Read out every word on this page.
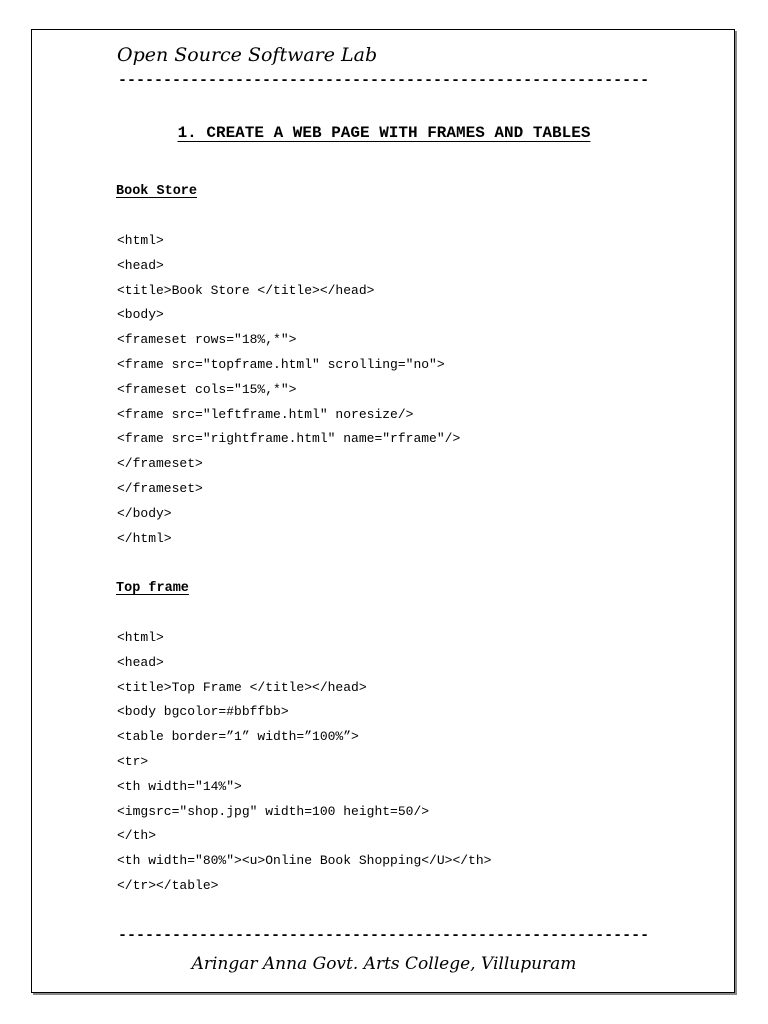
Open Source Software Lab
-----------------------------------------------------------
1. CREATE A WEB PAGE WITH FRAMES AND TABLES
Book Store
<html>
<head>
<title>Book Store </title></head>
<body>
<frameset rows="18%,*">
<frame src="topframe.html" scrolling="no">
<frameset cols="15%,*">
<frame src="leftframe.html" noresize/>
<frame src="rightframe.html" name="rframe"/>
</frameset>
</frameset>
</body>
</html>
Top frame
<html>
<head>
<title>Top Frame </title></head>
<body bgcolor=#bbffbb>
<table border=”1” width=”100%”>
<tr>
<th width="14%">
<imgsrc="shop.jpg" width=100 height=50/>
</th>
<th width="80%"><u>Online Book Shopping</U></th>
</tr></table>
-----------------------------------------------------------
Aringar Anna Govt. Arts College, Villupuram
